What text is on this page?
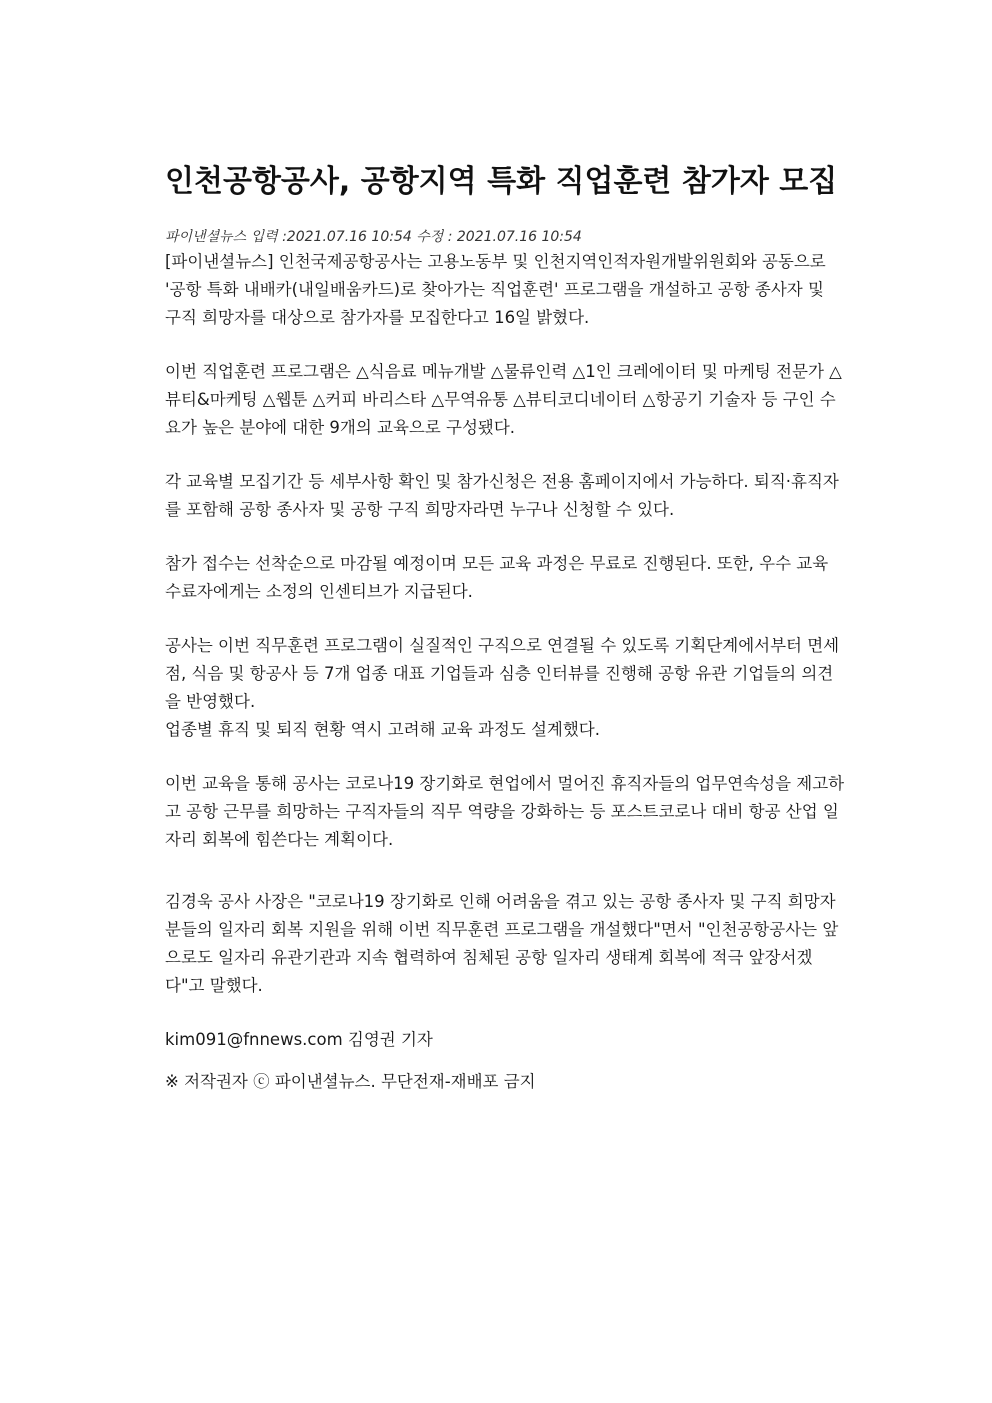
인천공항공사, 공항지역 특화 직업훈련 참가자 모집
파이낸셜뉴스 입력 :2021.07.16 10:54 수정 : 2021.07.16 10:54

[파이낸셜뉴스] 인천국제공항공사는 고용노동부 및 인천지역인적자원개발위원회와 공동으로 '공항 특화 내배카(내일배움카드)로 찾아가는 직업훈련' 프로그램을 개설하고 공항 종사자 및 구직 희망자를 대상으로 참가자를 모집한다고 16일 밝혔다.

이번 직업훈련 프로그램은 △식음료 메뉴개발 △물류인력 △1인 크레에이터 및 마케팅 전문가 △뷰티&마케팅 △웹툰 △커피 바리스타 △무역유통 △뷰티코디네이터 △항공기 기술자 등 구인 수요가 높은 분야에 대한 9개의 교육으로 구성됐다.

각 교육별 모집기간 등 세부사항 확인 및 참가신청은 전용 홈페이지에서 가능하다. 퇴직·휴직자를 포함해 공항 종사자 및 공항 구직 희망자라면 누구나 신청할 수 있다.

참가 접수는 선착순으로 마감될 예정이며 모든 교육 과정은 무료로 진행된다. 또한, 우수 교육 수료자에게는 소정의 인센티브가 지급된다.

공사는 이번 직무훈련 프로그램이 실질적인 구직으로 연결될 수 있도록 기획단계에서부터 면세점, 식음 및 항공사 등 7개 업종 대표 기업들과 심층 인터뷰를 진행해 공항 유관 기업들의 의견을 반영했다.

업종별 휴직 및 퇴직 현황 역시 고려해 교육 과정도 설계했다.

이번 교육을 통해 공사는 코로나19 장기화로 현업에서 멀어진 휴직자들의 업무연속성을 제고하고 공항 근무를 희망하는 구직자들의 직무 역량을 강화하는 등 포스트코로나 대비 항공 산업 일자리 회복에 힘쓴다는 계획이다.

김경욱 공사 사장은 "코로나19 장기화로 인해 어려움을 겪고 있는 공항 종사자 및 구직 희망자 분들의 일자리 회복 지원을 위해 이번 직무훈련 프로그램을 개설했다"면서 "인천공항공사는 앞으로도 일자리 유관기관과 지속 협력하여 침체된 공항 일자리 생태계 회복에 적극 앞장서겠다"고 말했다.

kim091@fnnews.com 김영권 기자

※ 저작권자 ⓒ 파이낸셜뉴스. 무단전재-재배포 금지
